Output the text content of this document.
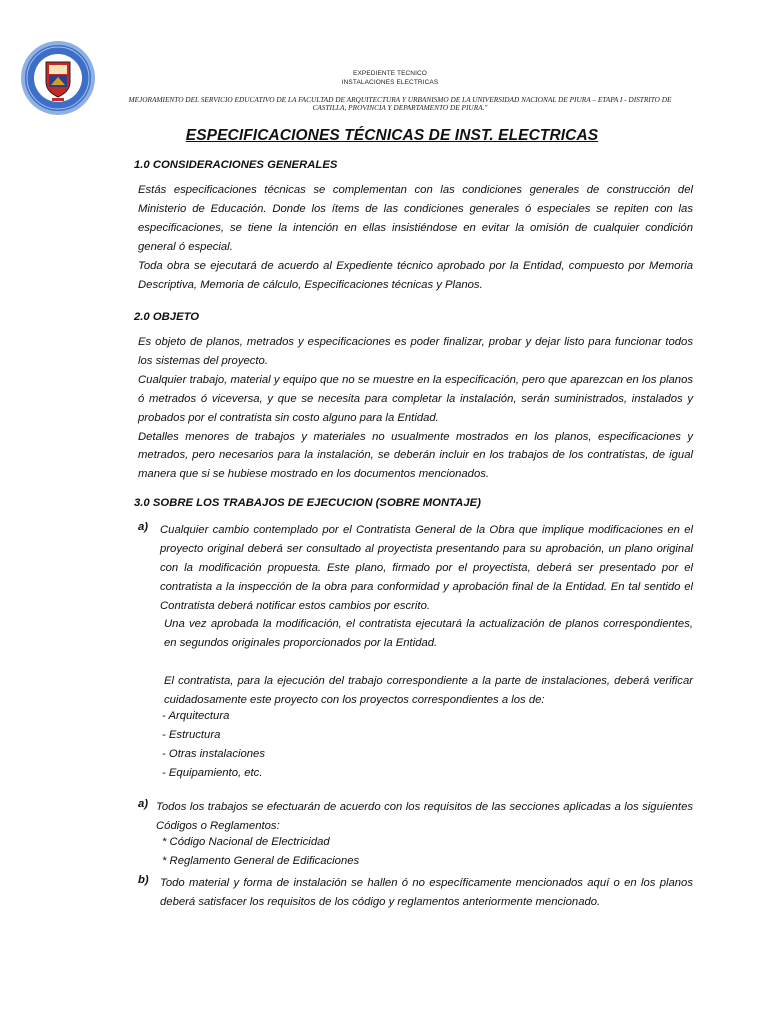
EXPEDIENTE TECNICO
INSTALACIONES ELECTRICAS
MEJORAMIENTO DEL SERVICIO EDUCATIVO DE LA FACULTAD DE ARQUITECTURA Y URBANISMO DE LA UNIVERSIDAD NACIONAL DE PIURA – ETAPA I - DISTRITO DE
CASTILLA, PROVINCIA Y DEPARTAMENTO DE PIURA."
ESPECIFICACIONES TÉCNICAS DE INST. ELECTRICAS
1.0 CONSIDERACIONES GENERALES

Estás especificaciones técnicas se complementan con las condiciones generales de construcción del Ministerio de Educación. Donde los ítems de las condiciones generales ó especiales se repiten con las especificaciones, se tiene la intención en ellas insistiéndose en evitar la omisión de cualquier condición general ó especial.

Toda obra se ejecutará de acuerdo al Expediente técnico aprobado por la Entidad, compuesto por Memoria Descriptiva, Memoria de cálculo, Especificaciones técnicas y Planos.

2.0 OBJETO

Es objeto de planos, metrados y especificaciones es poder finalizar, probar y dejar listo para funcionar todos los sistemas del proyecto.

Cualquier trabajo, material y equipo que no se muestre en la especificación, pero que aparezcan en los planos ó metrados ó viceversa, y que se necesita para completar la instalación, serán suministrados, instalados y probados por el contratista sin costo alguno para la Entidad.

Detalles menores de trabajos y materiales no usualmente mostrados en los planos, especificaciones y metrados, pero necesarios para la instalación, se deberán incluir en los trabajos de los contratistas, de igual manera que si se hubiese mostrado en los documentos mencionados.

3.0 SOBRE LOS TRABAJOS DE EJECUCION (SOBRE MONTAJE)
a) Cualquier cambio contemplado por el Contratista General de la Obra que implique modificaciones en el proyecto original deberá ser consultado al proyectista presentando para su aprobación, un plano original con la modificación propuesta. Este plano, firmado por el proyectista, deberá ser presentado por el contratista a la inspección de la obra para conformidad y aprobación final de la Entidad. En tal sentido el Contratista deberá notificar estos cambios por escrito.

Una vez aprobada la modificación, el contratista ejecutará la actualización de planos correspondientes, en segundos originales proporcionados por la Entidad.

El contratista, para la ejecución del trabajo correspondiente a la parte de instalaciones, deberá verificar cuidadosamente este proyecto con los proyectos correspondientes a los de:

- Arquitectura
- Estructura
- Otras instalaciones
- Equipamiento, etc.
a) Todos los trabajos se efectuarán de acuerdo con los requisitos de las secciones aplicadas a los siguientes Códigos o Reglamentos:

* Código Nacional de Electricidad
* Reglamento General de Edificaciones
b) Todo material y forma de instalación se hallen ó no específicamente mencionados aquí o en los planos deberá satisfacer los requisitos de los código y reglamentos anteriormente mencionado.
